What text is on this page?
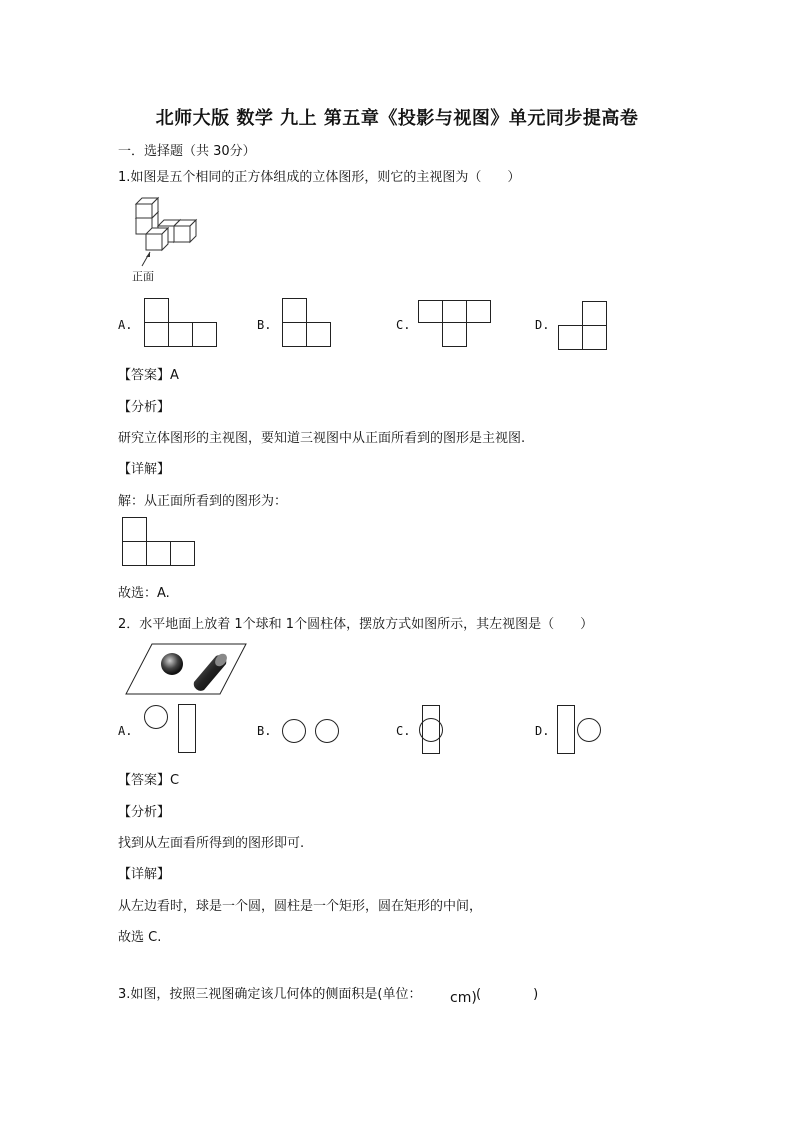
北师大版 数学 九上 第五章《投影与视图》单元同步提高卷
一．选择题（共 30分）
1.如图是五个相同的正方体组成的立体图形，则它的主视图为（　　）
正面
A.	B.	C.	D.
【答案】A
【分析】
研究立体图形的主视图，要知道三视图中从正面所看到的图形是主视图.
【详解】
解：从正面所看到的图形为：
故选：A.
2．水平地面上放着 1个球和 1个圆柱体，摆放方式如图所示，其左视图是（　　）
A.	B.	C.	D.
【答案】C
【分析】
找到从左面看所得到的图形即可.
【详解】
从左边看时，球是一个圆，圆柱是一个矩形，圆在矩形的中间，
故选 C.
3.如图，按照三视图确定该几何体的侧面积是(单位： cm) (　　　　)
